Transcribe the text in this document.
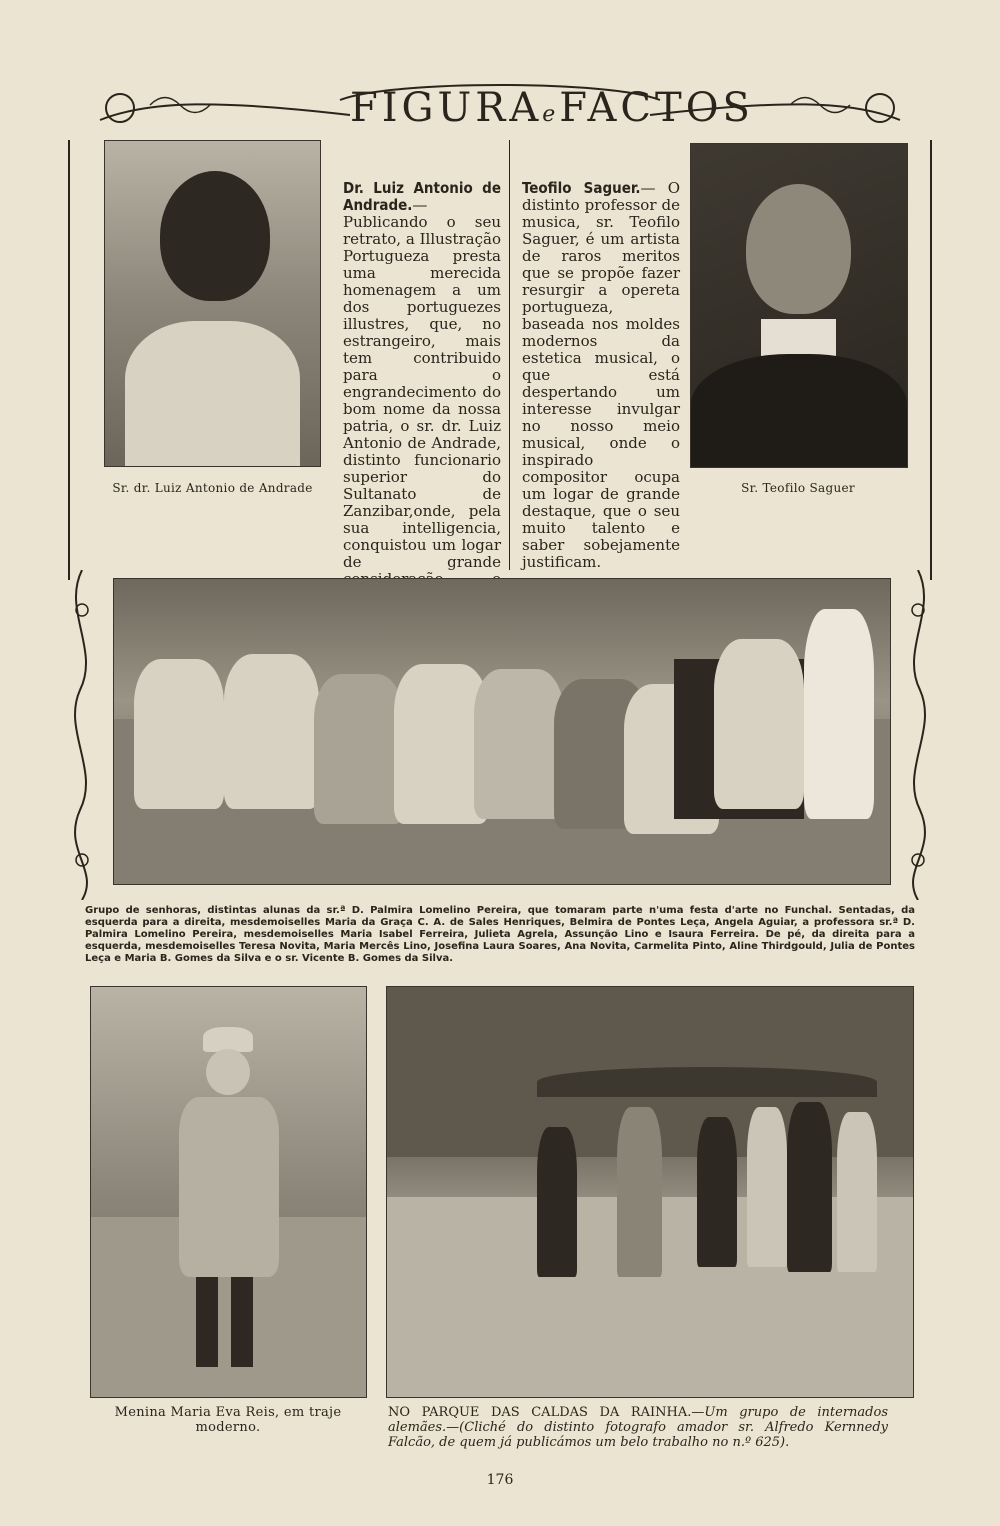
FIGURAeFACTOS
Sr. dr. Luiz Antonio de Andrade
Dr. Luiz Antonio de Andrade.—Publicando o seu retrato, a Illustração Portugueza presta uma merecida homenagem a um dos portuguezes illustres, que, no estrangeiro, mais tem contribuido para o engrandecimento do bom nome da nossa patria, o sr. dr. Luiz Antonio de Andrade, distinto funcionario superior do Sultanato de Zanzibar,onde, pela sua intelligencia, conquistou um logar de grande
Teofilo Saguer.— O distinto professor de musica, sr. Teofilo Saguer, é um artista de raros meritos que se propõe fazer resurgir a opereta portugueza, baseada nos moldes modernos da estetica musical, o que está despertando um interesse invulgar no nosso meio musical, onde o inspirado compositor ocupa um logar de grande destaque, que o seu muito talento e saber sobejamente justificam.
Sr. Teofilo Saguer
Grupo de senhoras, distintas alunas da sr.ª D. Palmira Lomelino Pereira, que tomaram parte n'uma festa d'arte no Funchal. Sentadas, da esquerda para a direita, mesdemoiselles Maria da Graça C. A. de Sales Henriques, Belmira de Pontes Leça, Angela Aguiar, a professora sr.ª D. Palmira Lomelino Pereira, mesdemoiselles Maria Isabel Ferreira, Julieta Agrela, Assunção Lino e Isaura Ferreira. De pé, da direita para a esquerda, mesdemoiselles Teresa Novita, Maria Mercês Lino, Josefina Laura Soares, Ana Novita, Carmelita Pinto, Aline Thirdgould, Julia de Pontes Leça e Maria B. Gomes da Silva e o sr. Vicente B. Gomes da Silva.
Menina Maria Eva Reis, em traje moderno.
NO PARQUE DAS CALDAS DA RAINHA.—Um grupo de internados alemães.—(Cliché do distinto fotografo amador sr. Alfredo Kernnedy Falcão, de quem já publicámos um belo trabalho no n.º 625).
176
